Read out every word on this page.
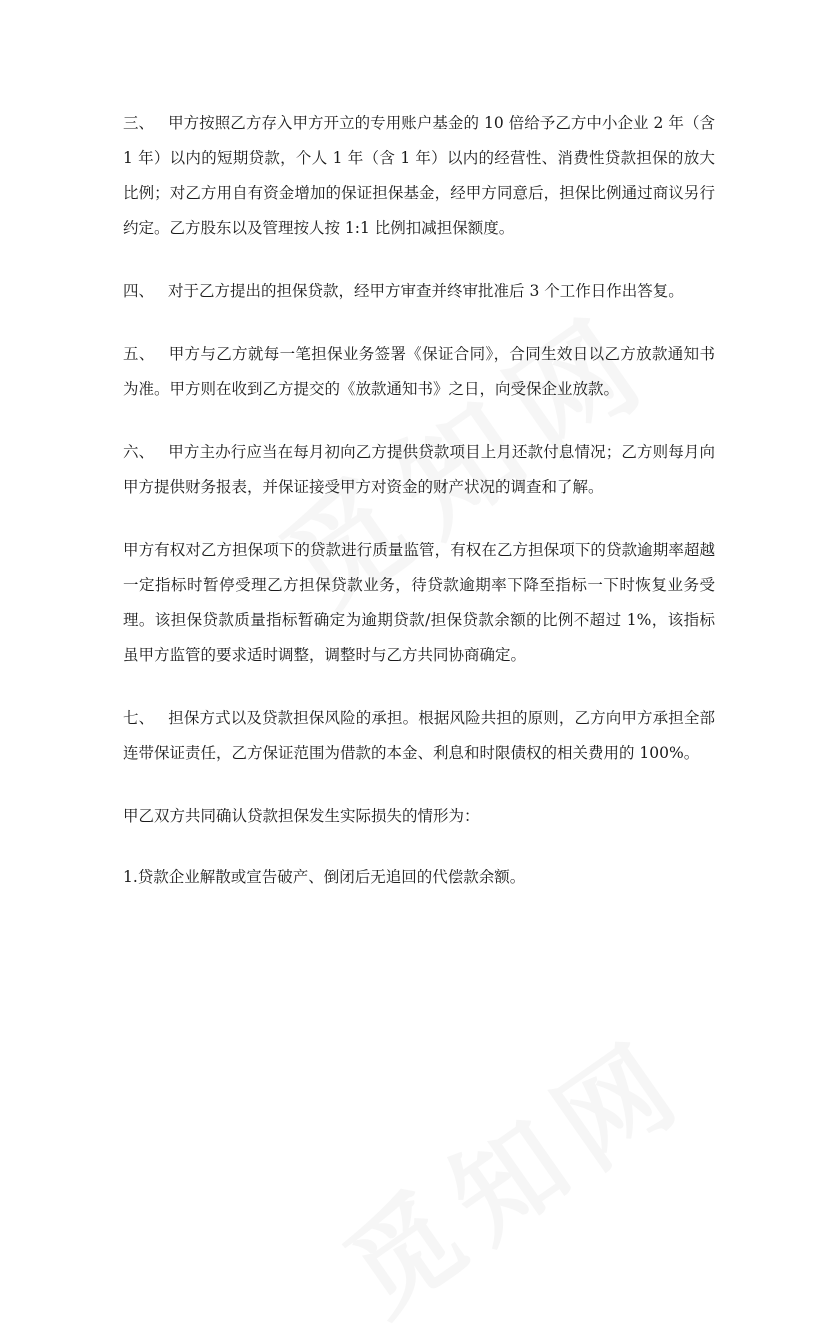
三、 甲方按照乙方存入甲方开立的专用账户基金的 10 倍给予乙方中小企业 2 年（含 1 年）以内的短期贷款，个人 1 年（含 1 年）以内的经营性、消费性贷款担保的放大比例；对乙方用自有资金增加的保证担保基金，经甲方同意后，担保比例通过商议另行约定。乙方股东以及管理按人按 1:1 比例扣减担保额度。

四、 对于乙方提出的担保贷款，经甲方审查并终审批准后 3 个工作日作出答复。

五、 甲方与乙方就每一笔担保业务签署《保证合同》，合同生效日以乙方放款通知书为准。甲方则在收到乙方提交的《放款通知书》之日，向受保企业放款。

六、 甲方主办行应当在每月初向乙方提供贷款项目上月还款付息情况；乙方则每月向甲方提供财务报表，并保证接受甲方对资金的财产状况的调查和了解。

甲方有权对乙方担保项下的贷款进行质量监管，有权在乙方担保项下的贷款逾期率超越一定指标时暂停受理乙方担保贷款业务，待贷款逾期率下降至指标一下时恢复业务受理。该担保贷款质量指标暂确定为逾期贷款/担保贷款余额的比例不超过 1%，该指标虽甲方监管的要求适时调整，调整时与乙方共同协商确定。

七、 担保方式以及贷款担保风险的承担。根据风险共担的原则，乙方向甲方承担全部连带保证责任，乙方保证范围为借款的本金、利息和时限债权的相关费用的 100%。

甲乙双方共同确认贷款担保发生实际损失的情形为：

1.贷款企业解散或宣告破产、倒闭后无追回的代偿款余额。
